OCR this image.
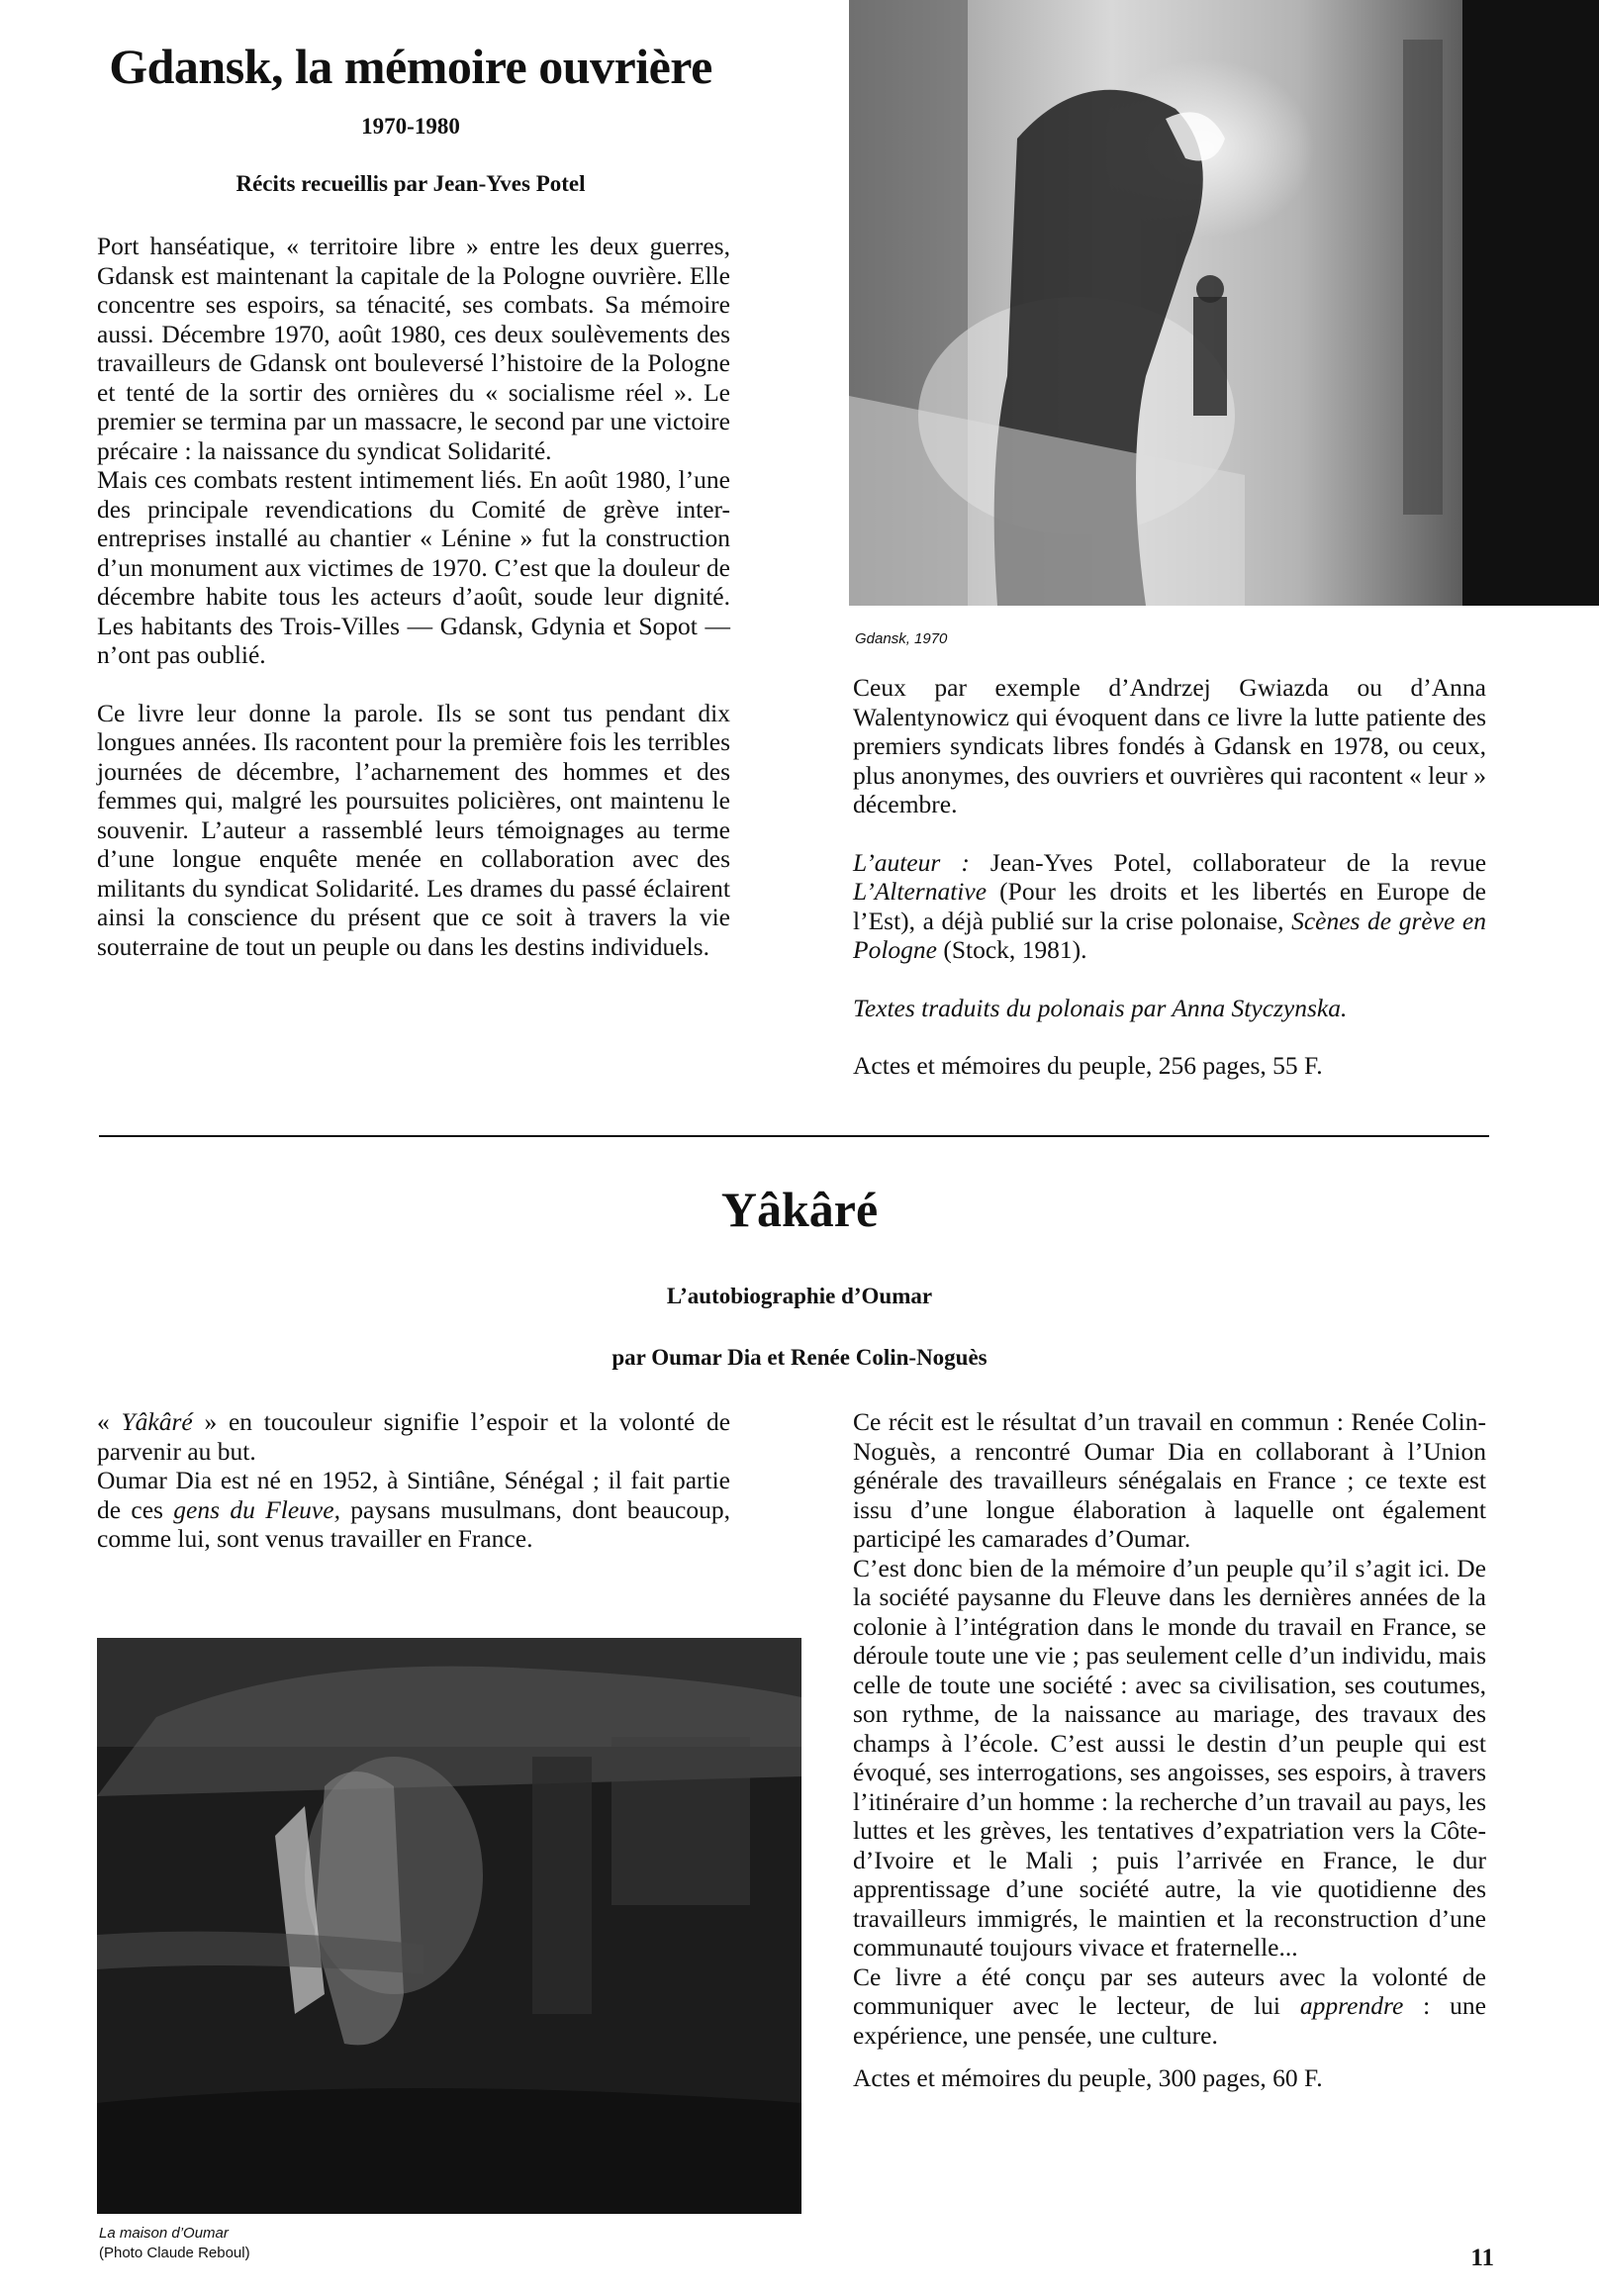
Gdansk, la mémoire ouvrière
1970-1980
Récits recueillis par Jean-Yves Potel

Port hanséatique, « territoire libre » entre les deux guerres, Gdansk est maintenant la capitale de la Pologne ouvrière. Elle concentre ses espoirs, sa ténacité, ses combats. Sa mémoire aussi. Décembre 1970, août 1980, ces deux soulèvements des travailleurs de Gdansk ont bouleversé l’histoire de la Pologne et tenté de la sortir des ornières du « socialisme réel ». Le premier se termina par un massacre, le second par une victoire précaire : la naissance du syndicat Solidarité.

Mais ces combats restent intimement liés. En août 1980, l’une des principale revendications du Comité de grève inter-entreprises installé au chantier « Lénine » fut la construction d’un monument aux victimes de 1970. C’est que la douleur de décembre habite tous les acteurs d’août, soude leur dignité. Les habitants des Trois-Villes — Gdansk, Gdynia et Sopot — n’ont pas oublié.

Ce livre leur donne la parole. Ils se sont tus pendant dix longues années. Ils racontent pour la première fois les terribles journées de décembre, l’acharnement des hommes et des femmes qui, malgré les poursuites policières, ont maintenu le souvenir. L’auteur a rassemblé leurs témoignages au terme d’une longue enquête menée en collaboration avec des militants du syndicat Solidarité. Les drames du passé éclairent ainsi la conscience du présent que ce soit à travers la vie souterraine de tout un peuple ou dans les destins individuels.

Gdansk, 1970

Ceux par exemple d’Andrzej Gwiazda ou d’Anna Walentynowicz qui évoquent dans ce livre la lutte patiente des premiers syndicats libres fondés à Gdansk en 1978, ou ceux, plus anonymes, des ouvriers et ouvrières qui racontent « leur » décembre.

L’auteur : Jean-Yves Potel, collaborateur de la revue L’Alternative (Pour les droits et les libertés en Europe de l’Est), a déjà publié sur la crise polonaise, Scènes de grève en Pologne (Stock, 1981).

Textes traduits du polonais par Anna Styczynska.

Actes et mémoires du peuple, 256 pages, 55 F.

Yâkâré
L’autobiographie d’Oumar
par Oumar Dia et Renée Colin-Noguès

« Yâkâré » en toucouleur signifie l’espoir et la volonté de parvenir au but.

Oumar Dia est né en 1952, à Sintiâne, Sénégal ; il fait partie de ces gens du Fleuve, paysans musulmans, dont beaucoup, comme lui, sont venus travailler en France.

La maison d’Oumar
(Photo Claude Reboul)

Ce récit est le résultat d’un travail en commun : Renée Colin-Noguès, a rencontré Oumar Dia en collaborant à l’Union générale des travailleurs sénégalais en France ; ce texte est issu d’une longue élaboration à laquelle ont également participé les camarades d’Oumar.

C’est donc bien de la mémoire d’un peuple qu’il s’agit ici. De la société paysanne du Fleuve dans les dernières années de la colonie à l’intégration dans le monde du travail en France, se déroule toute une vie ; pas seulement celle d’un individu, mais celle de toute une société : avec sa civilisation, ses coutumes, son rythme, de la naissance au mariage, des travaux des champs à l’école. C’est aussi le destin d’un peuple qui est évoqué, ses interrogations, ses angoisses, ses espoirs, à travers l’itinéraire d’un homme : la recherche d’un travail au pays, les luttes et les grèves, les tentatives d’expatriation vers la Côte-d’Ivoire et le Mali ; puis l’arrivée en France, le dur apprentissage d’une société autre, la vie quotidienne des travailleurs immigrés, le maintien et la reconstruction d’une communauté toujours vivace et fraternelle...

Ce livre a été conçu par ses auteurs avec la volonté de communiquer avec le lecteur, de lui apprendre : une expérience, une pensée, une culture.

Actes et mémoires du peuple, 300 pages, 60 F.

11
